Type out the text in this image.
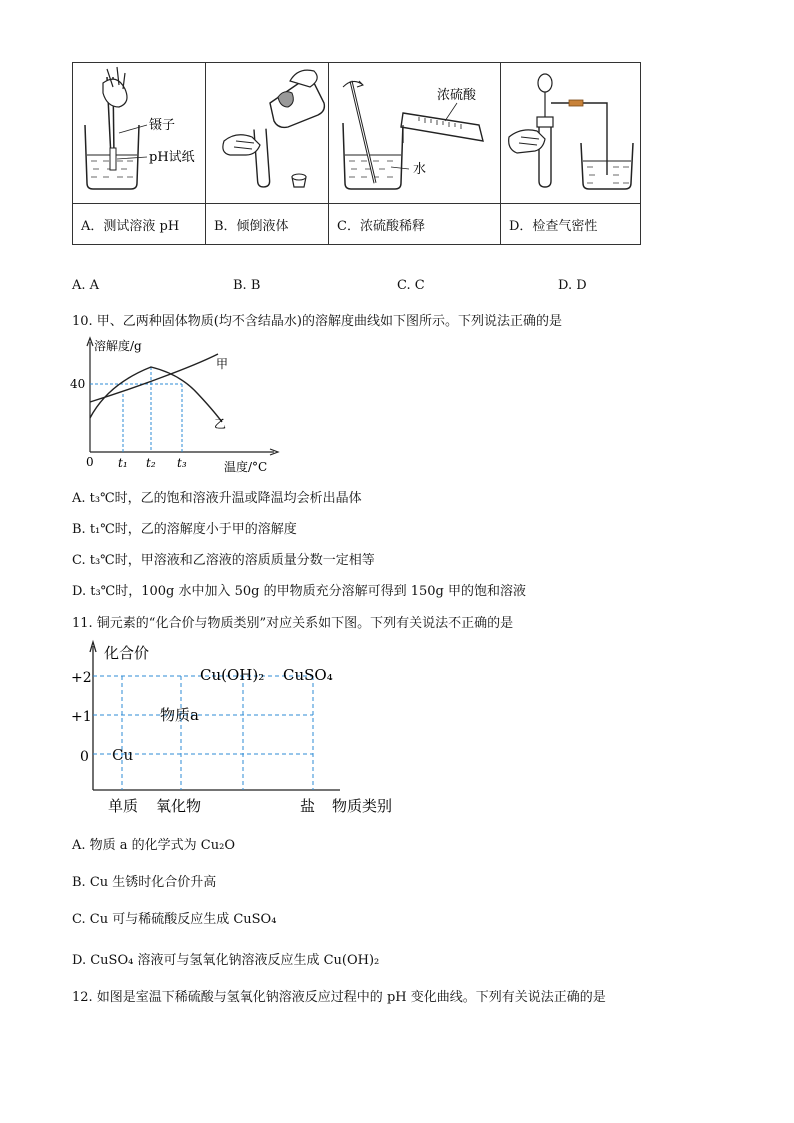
镊子
pH试纸		浓硫酸
水

A．测试溶液 pH	B．倾倒液体	C．浓硫酸稀释	D．检查气密性
A. A	B. B	C. C	D. D
10. 甲、乙两种固体物质(均不含结晶水)的溶解度曲线如下图所示。下列说法正确的是
溶解度/g
40
0 t₁ t₂ t₃	温度/°C
甲
乙
A. t₃℃时，乙的饱和溶液升温或降温均会析出晶体
B. t₁℃时，乙的溶解度小于甲的溶解度
C. t₃℃时，甲溶液和乙溶液的溶质质量分数一定相等
D. t₃℃时，100g 水中加入 50g 的甲物质充分溶解可得到 150g 甲的饱和溶液
11. 铜元素的“化合价与物质类别”对应关系如下图。下列有关说法不正确的是
化合价
+2
+1
0 Cu
物质a
Cu(OH)₂ CuSO₄
单质 氧化物	盐 物质类别
A. 物质 a 的化学式为 Cu₂O
B. Cu 生锈时化合价升高
C. Cu 可与稀硫酸反应生成 CuSO₄
D. CuSO₄ 溶液可与氢氧化钠溶液反应生成 Cu(OH)₂
12. 如图是室温下稀硫酸与氢氧化钠溶液反应过程中的 pH 变化曲线。下列有关说法正确的是
